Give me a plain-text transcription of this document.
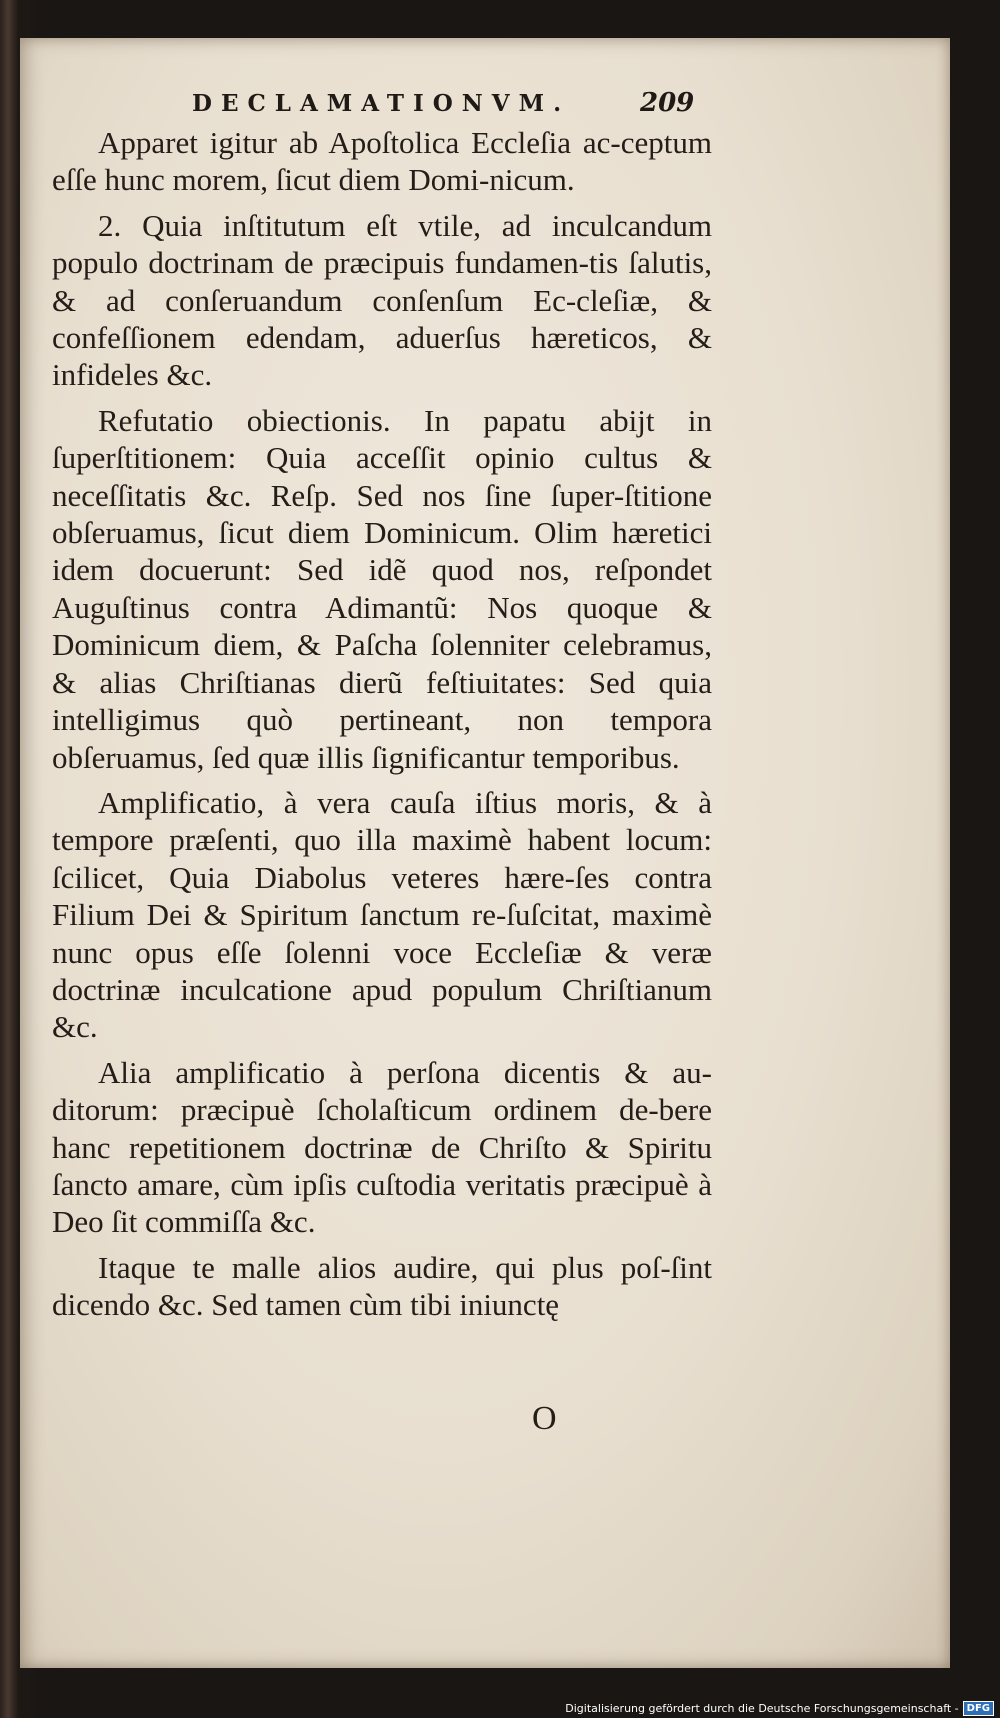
DECLAMATIONVM.	209

Apparet igitur ab Apoſtolica Eccleſia ac-ceptum eſſe hunc morem, ſicut diem Domi-nicum.

2. Quia inſtitutum eſt vtile, ad inculcandum populo doctrinam de præcipuis fundamen-tis ſalutis, & ad conſeruandum conſenſum Ec-cleſiæ, & confeſſionem edendam, aduerſus hæreticos, & infideles &c.

Refutatio obiectionis. In papatu abijt in ſuperſtitionem: Quia acceſſit opinio cultus & neceſſitatis &c. Reſp. Sed nos ſine ſuper-ſtitione obſeruamus, ſicut diem Dominicum. Olim hæretici idem docuerunt: Sed idẽ quod nos, reſpondet Auguſtinus contra Adimantũ: Nos quoque & Dominicum diem, & Paſcha ſolenniter celebramus, & alias Chriſtianas dierũ feſtiuitates: Sed quia intelligimus quò pertineant, non tempora obſeruamus, ſed quæ illis ſignificantur temporibus.

Amplificatio, à vera cauſa iſtius moris, & à tempore præſenti, quo illa maximè habent locum: ſcilicet, Quia Diabolus veteres hære-ſes contra Filium Dei & Spiritum ſanctum re-ſuſcitat, maximè nunc opus eſſe ſolenni voce Eccleſiæ & veræ doctrinæ inculcatione apud populum Chriſtianum &c.

Alia amplificatio à perſona dicentis & au-ditorum: præcipuè ſcholaſticum ordinem de-bere hanc repetitionem doctrinæ de Chriſto & Spiritu ſancto amare, cùm ipſis cuſtodia veritatis præcipuè à Deo ſit commiſſa &c.

Itaque te malle alios audire, qui plus poſ-ſint dicendo &c. Sed tamen cùm tibi iniunctę

O
Digitalisierung gefördert durch die Deutsche Forschungsgemeinschaft - DFG
